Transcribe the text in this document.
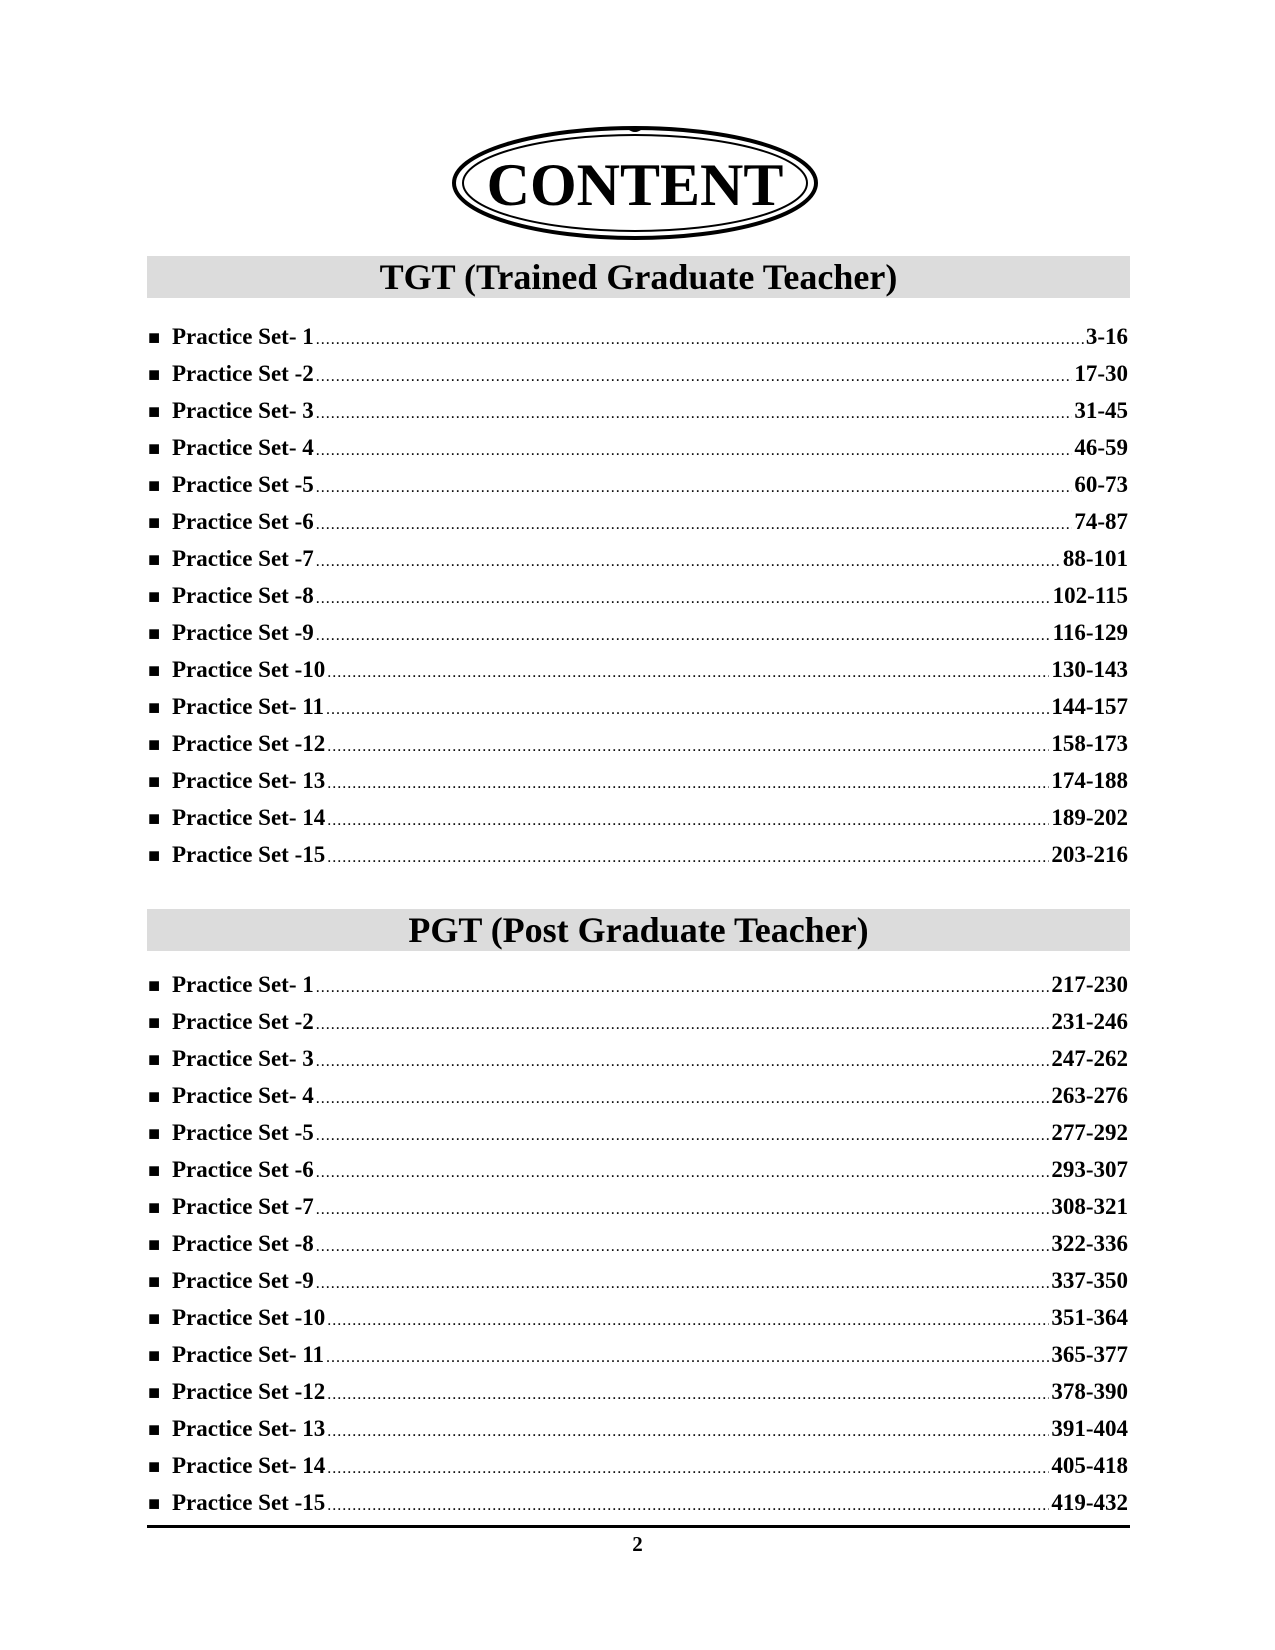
CONTENT
TGT (Trained Graduate Teacher)
■ Practice Set- 1 .....	3-16
■ Practice Set -2 .....	17-30
■ Practice Set- 3 .....	31-45
■ Practice Set- 4 .....	46-59
■ Practice Set -5 .....	60-73
■ Practice Set -6 .....	74-87
■ Practice Set -7 .....	88-101
■ Practice Set -8 .....	102-115
■ Practice Set -9 .....	116-129
■ Practice Set -10 .....	130-143
■ Practice Set- 11 .....	144-157
■ Practice Set -12 .....	158-173
■ Practice Set- 13 .....	174-188
■ Practice Set- 14 .....	189-202
■ Practice Set -15 .....	203-216
PGT (Post Graduate Teacher)
■ Practice Set- 1 .....	217-230
■ Practice Set -2 .....	231-246
■ Practice Set- 3 .....	247-262
■ Practice Set- 4 .....	263-276
■ Practice Set -5 .....	277-292
■ Practice Set -6 .....	293-307
■ Practice Set -7 .....	308-321
■ Practice Set -8 .....	322-336
■ Practice Set -9 .....	337-350
■ Practice Set -10 .....	351-364
■ Practice Set- 11 .....	365-377
■ Practice Set -12 .....	378-390
■ Practice Set- 13 .....	391-404
■ Practice Set- 14 .....	405-418
■ Practice Set -15 .....	419-432
2
